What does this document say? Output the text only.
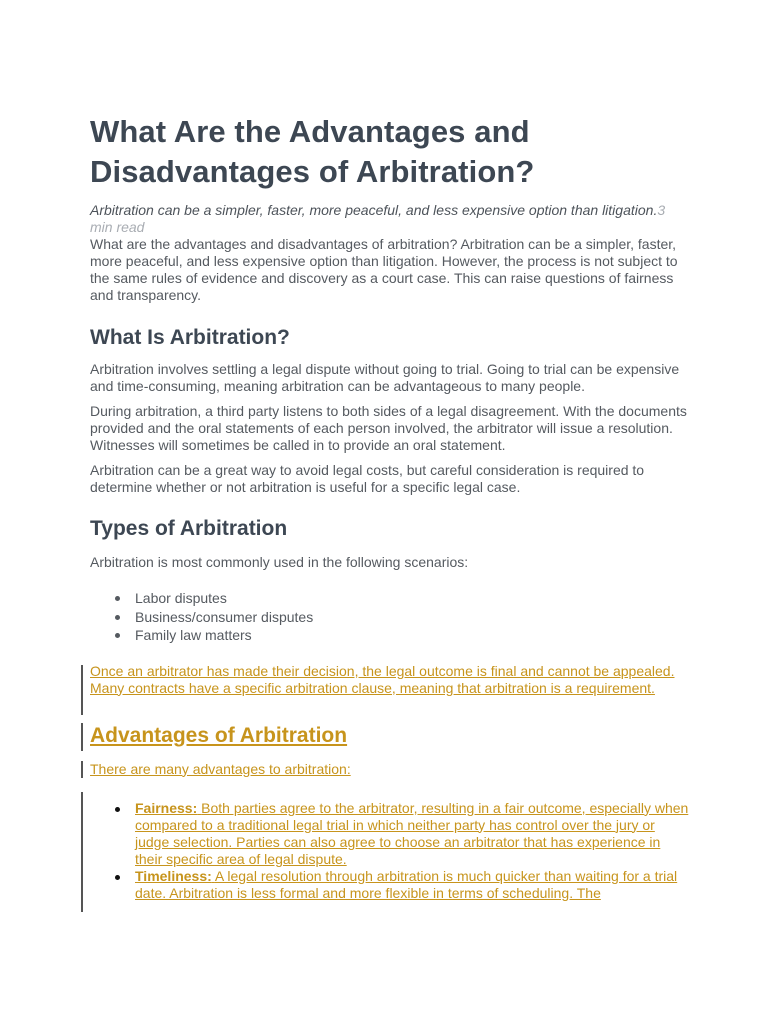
What Are the Advantages and Disadvantages of Arbitration?
Arbitration can be a simpler, faster, more peaceful, and less expensive option than litigation.3 min read

What are the advantages and disadvantages of arbitration? Arbitration can be a simpler, faster, more peaceful, and less expensive option than litigation. However, the process is not subject to the same rules of evidence and discovery as a court case. This can raise questions of fairness and transparency.

What Is Arbitration?

Arbitration involves settling a legal dispute without going to trial. Going to trial can be expensive and time-consuming, meaning arbitration can be advantageous to many people.

During arbitration, a third party listens to both sides of a legal disagreement. With the documents provided and the oral statements of each person involved, the arbitrator will issue a resolution. Witnesses will sometimes be called in to provide an oral statement.

Arbitration can be a great way to avoid legal costs, but careful consideration is required to determine whether or not arbitration is useful for a specific legal case.

Types of Arbitration

Arbitration is most commonly used in the following scenarios:

Labor disputes
Business/consumer disputes
Family law matters

Once an arbitrator has made their decision, the legal outcome is final and cannot be appealed. Many contracts have a specific arbitration clause, meaning that arbitration is a requirement.

Advantages of Arbitration

There are many advantages to arbitration:

Fairness: Both parties agree to the arbitrator, resulting in a fair outcome, especially when compared to a traditional legal trial in which neither party has control over the jury or judge selection. Parties can also agree to choose an arbitrator that has experience in their specific area of legal dispute.
Timeliness: A legal resolution through arbitration is much quicker than waiting for a trial date. Arbitration is less formal and more flexible in terms of scheduling. The
